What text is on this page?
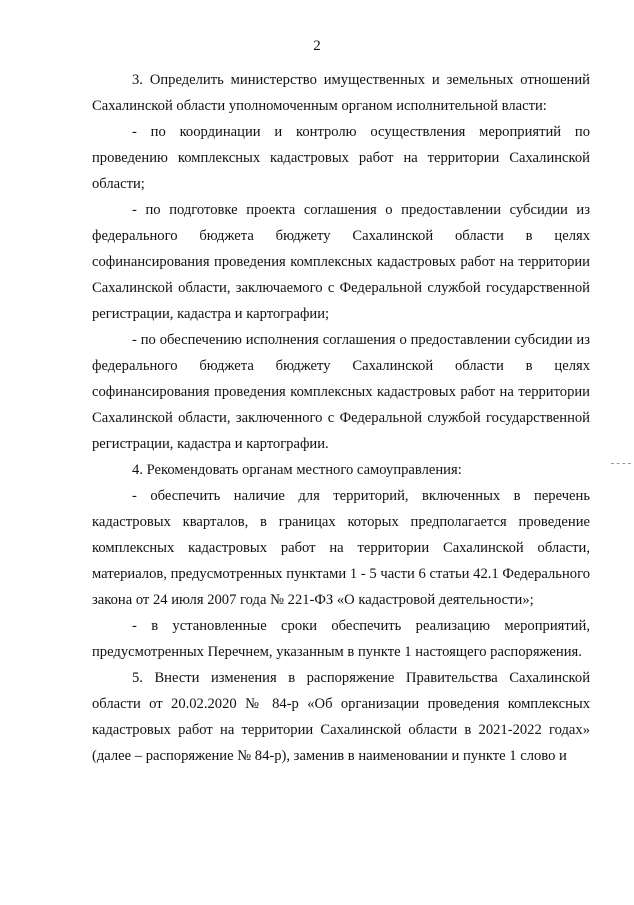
2

3. Определить министерство имущественных и земельных отношений Сахалинской области уполномоченным органом исполнительной власти:

- по координации и контролю осуществления мероприятий по проведению комплексных кадастровых работ на территории Сахалинской области;

- по подготовке проекта соглашения о предоставлении субсидии из федерального бюджета бюджету Сахалинской области в целях софинансирования проведения комплексных кадастровых работ на территории Сахалинской области, заключаемого с Федеральной службой государственной регистрации, кадастра и картографии;

- по обеспечению исполнения соглашения о предоставлении субсидии из федерального бюджета бюджету Сахалинской области в целях софинансирования проведения комплексных кадастровых работ на территории Сахалинской области, заключенного с Федеральной службой государственной регистрации, кадастра и картографии.

4. Рекомендовать органам местного самоуправления:

- обеспечить наличие для территорий, включенных в перечень кадастровых кварталов, в границах которых предполагается проведение комплексных кадастровых работ на территории Сахалинской области, материалов, предусмотренных пунктами 1 - 5 части 6 статьи 42.1 Федерального закона от 24 июля 2007 года № 221-ФЗ «О кадастровой деятельности»;

- в установленные сроки обеспечить реализацию мероприятий, предусмотренных Перечнем, указанным в пункте 1 настоящего распоряжения.

5. Внести изменения в распоряжение Правительства Сахалинской области от 20.02.2020 № 84-р «Об организации проведения комплексных кадастровых работ на территории Сахалинской области в 2021-2022 годах» (далее – распоряжение № 84-р), заменив в наименовании и пункте 1 слово и
